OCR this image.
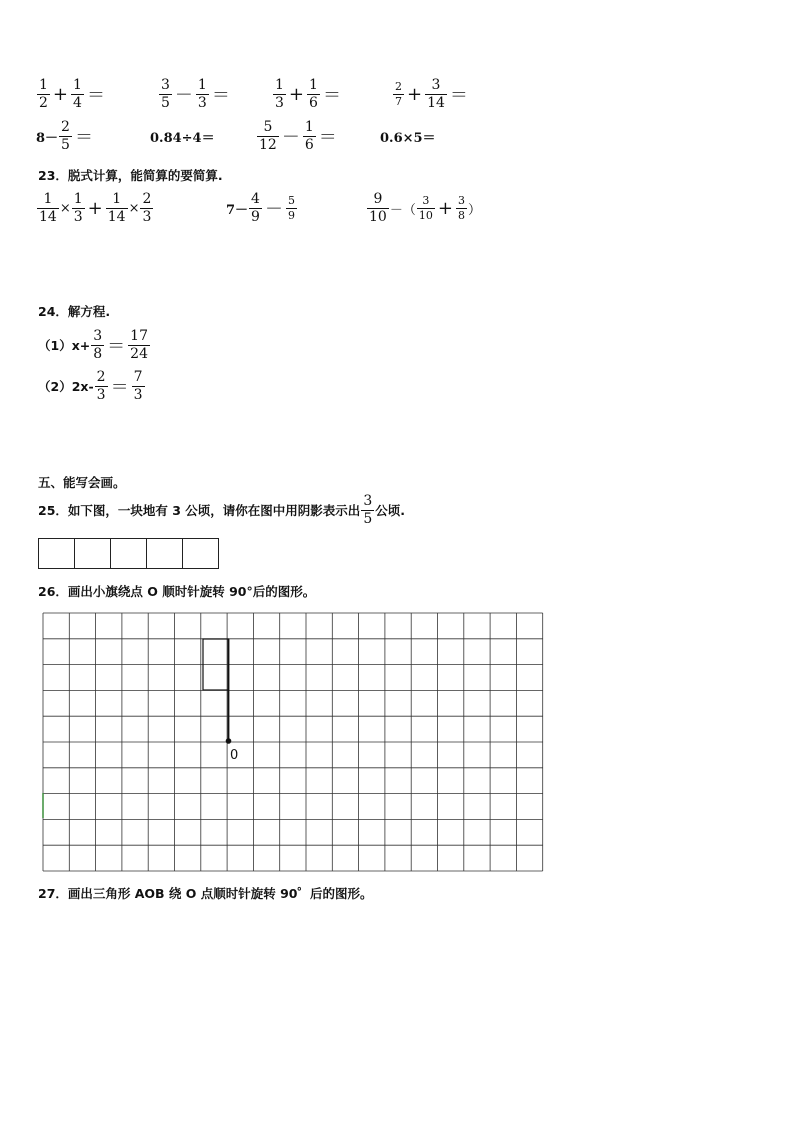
$\frac{1}{2} + \frac{1}{4}$ ＝	$\frac{3}{5} - \frac{1}{3}$ ＝	$\frac{1}{3} + \frac{1}{6}$ ＝	$\frac{2}{7} + \frac{3}{14}$ ＝
$8- \frac{2}{5}$ ＝	0.84÷4＝	$\frac{5}{12} - \frac{1}{6}$ ＝	0.6×5＝
23．脱式计算，能简算的要简算.
$\frac{1}{14} \times \frac{1}{3} + \frac{1}{14} \times \frac{2}{3}$	$7- \frac{4}{9} - \frac{5}{9}$	$\frac{9}{10}$ －（ $\frac{3}{10} + \frac{3}{8}$ ）
24．解方程.
$(1)x+ \frac{3}{8} = \frac{17}{24}$
$(2)2x- \frac{2}{3} = \frac{7}{3}$
五、能写会画。
25．如下图，一块地有 3 公顷，请你在图中用阴影表示出 $\frac{3}{5}$ 公顷.
26．画出小旗绕点 O 顺时针旋转 90°后的图形。
0
27．画出三角形 AOB 绕 O 点顺时针旋转 90゜后的图形。
